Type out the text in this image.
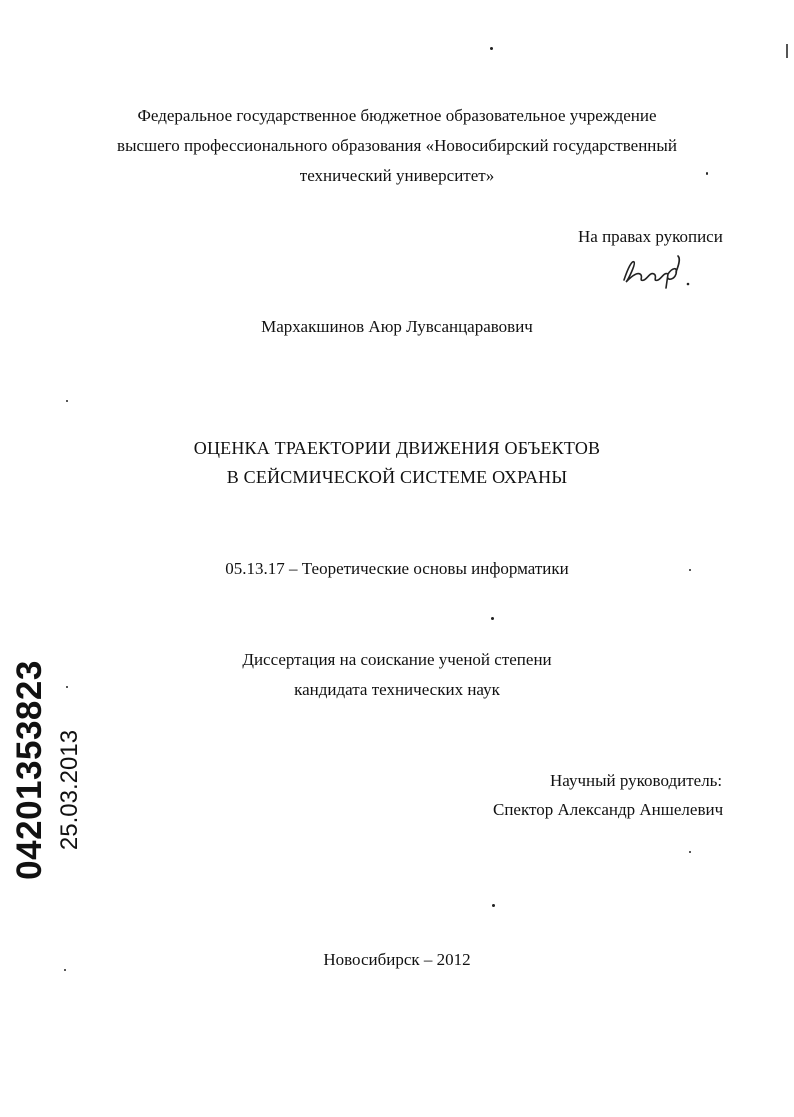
Федеральное государственное бюджетное образовательное учреждение
высшего профессионального образования «Новосибирский государственный
технический университет»
На правах рукописи
Мархакшинов Аюр Лувсанцаравович
ОЦЕНКА ТРАЕКТОРИИ ДВИЖЕНИЯ ОБЪЕКТОВ
В СЕЙСМИЧЕСКОЙ СИСТЕМЕ ОХРАНЫ
05.13.17 – Теоретические основы информатики
Диссертация на соискание ученой степени
кандидата технических наук
Научный руководитель:
Спектор Александр Аншелевич
Новосибирск – 2012
04201353823 25.03.2013
